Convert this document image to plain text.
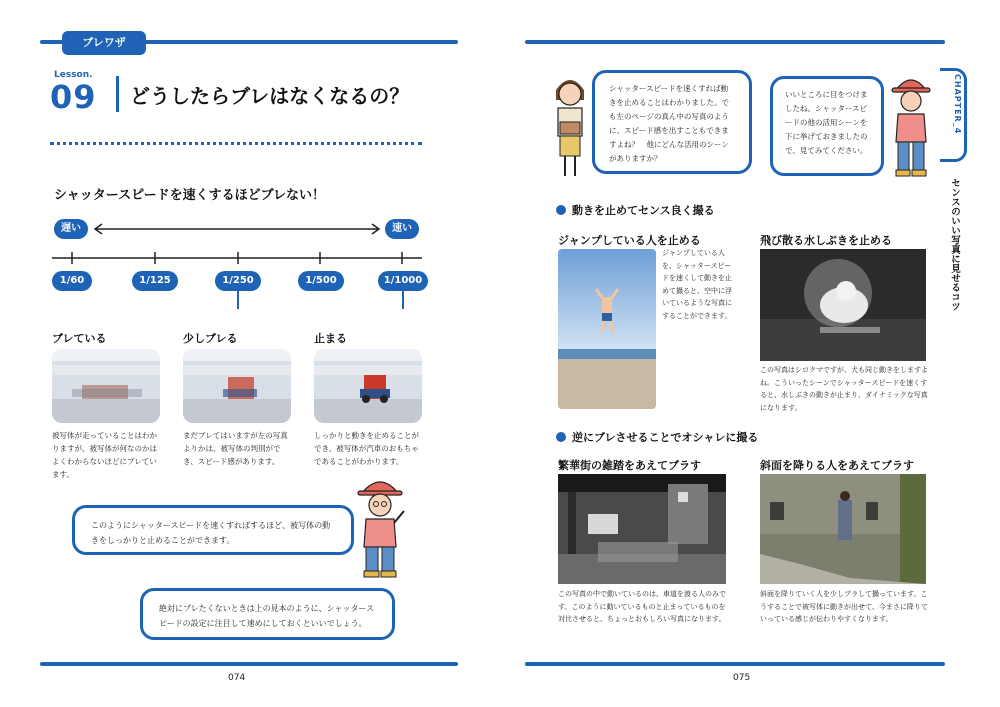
ブレワザ
Lesson.
09 どうしたらブレはなくなるの？
シャッタースピードを速くするほどブレない！
遅い	速い
1/60	1/125	1/250	1/500	1/1000
ブレている	少しブレる	止まる
被写体が走っていることはわかりますが、被写体が何なのかはよくわからないほどにブレています。
まだブレてはいますが左の写真よりかは、被写体の判別ができ、スピード感があります。
しっかりと動きを止めることができ、被写体が汽車のおもちゃであることがわかります。
このようにシャッタースピードを速くすればするほど、被写体の動きをしっかりと止めることができます。
絶対にブレたくないときは上の見本のように、シャッタースピードの設定に注目して速めにしておくといいでしょう。
074
シャッタースピードを速くすれば動きを止めることはわかりました。でも左のページの真ん中の写真のように、スピード感を出すこともできますよね？　他にどんな活用のシーンがありますか？
いいところに目をつけましたね。シャッタースピードの他の活用シーンを下に挙げておきましたので、見てみてください。
CHAPTER_4
センスのいい写真に見せるコツ
動きを止めてセンス良く撮る
ジャンプしている人を止める
ジャンプしている人を、シャッタースピードを速くして動きを止めて撮ると、空中に浮いているような写真にすることができます。
飛び散る水しぶきを止める
この写真はシロクマですが、犬も同じ動きをしますよね。こういったシーンでシャッタースピードを速くすると、水しぶきの動きが止まり、ダイナミックな写真になります。
逆にブレさせることでオシャレに撮る
繁華街の雑踏をあえてブラす
この写真の中で動いているのは、車道を渡る人のみです。このように動いているものと止まっているものを対比させると、ちょっとおもしろい写真になります。
斜面を降りる人をあえてブラす
斜面を降りていく人を少しブラして撮っています。こうすることで被写体に動きが出せて、今まさに降りていっている感じが伝わりやすくなります。
075
